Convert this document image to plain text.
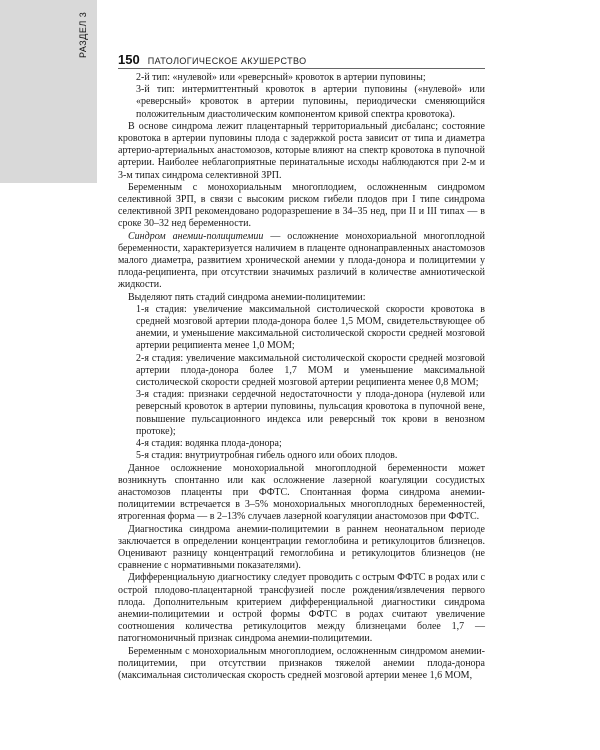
РАЗДЕЛ 3
150 ПАТОЛОГИЧЕСКОЕ АКУШЕРСТВО

2-й тип: «нулевой» или «реверсный» кровоток в артерии пуповины;

3-й тип: интермиттентный кровоток в артерии пуповины («нулевой» или «реверсный» кровоток в артерии пуповины, периодически сменяющийся положительным диастолическим компонентом кривой спектра кровотока).

В основе синдрома лежит плацентарный территориальный дисбаланс; состояние кровотока в артерии пуповины плода с задержкой роста зависит от типа и диаметра артерио-артериальных анастомозов, которые влияют на спектр кровотока в пупочной артерии. Наиболее неблагоприятные перинатальные исходы наблюдаются при 2-м и 3-м типах синдрома селективной ЗРП.

Беременным с монохориальным многоплодием, осложненным синдромом селективной ЗРП, в связи с высоким риском гибели плодов при I типе синдрома селективной ЗРП рекомендовано родоразрешение в 34–35 нед, при II и III типах — в сроке 30–32 нед беременности.

Синдром анемии-полицитемии — осложнение монохориальной многоплодной беременности, характеризуется наличием в плаценте однонаправленных анастомозов малого диаметра, развитием хронической анемии у плода-донора и полицитемии у плода-реципиента, при отсутствии значимых различий в количестве амниотической жидкости.

Выделяют пять стадий синдрома анемии-полицитемии:

1-я стадия: увеличение максимальной систолической скорости кровотока в средней мозговой артерии плода-донора более 1,5 МОМ, свидетельствующее об анемии, и уменьшение максимальной систолической скорости средней мозговой артерии реципиента менее 1,0 МОМ;

2-я стадия: увеличение максимальной систолической скорости средней мозговой артерии плода-донора более 1,7 МОМ и уменьшение максимальной систолической скорости средней мозговой артерии реципиента менее 0,8 МОМ;

3-я стадия: признаки сердечной недостаточности у плода-донора (нулевой или реверсный кровоток в артерии пуповины, пульсация кровотока в пупочной вене, повышение пульсационного индекса или реверсный ток крови в венозном протоке);

4-я стадия: водянка плода-донора;

5-я стадия: внутриутробная гибель одного или обоих плодов.

Данное осложнение монохориальной многоплодной беременности может возникнуть спонтанно или как осложнение лазерной коагуляции сосудистых анастомозов плаценты при ФФТС. Спонтанная форма синдрома анемии-полицитемии встречается в 3–5% монохориальных многоплодных беременностей, ятрогенная форма — в 2–13% случаев лазерной коагуляции анастомозов при ФФТС.

Диагностика синдрома анемии-полицитемии в раннем неонатальном периоде заключается в определении концентрации гемоглобина и ретикулоцитов близнецов. Оценивают разницу концентраций гемоглобина и ретикулоцитов близнецов (не сравнение с нормативными показателями).

Дифференциальную диагностику следует проводить с острым ФФТС в родах или с острой плодово-плацентарной трансфузией после рождения/извлечения первого плода. Дополнительным критерием дифференциальной диагностики синдрома анемии-полицитемии и острой формы ФФТС в родах считают увеличение соотношения количества ретикулоцитов между близнецами более 1,7 — патогномоничный признак синдрома анемии-полицитемии.

Беременным с монохориальным многоплодием, осложненным синдромом анемии-полицитемии, при отсутствии признаков тяжелой анемии плода-донора (максимальная систолическая скорость средней мозговой артерии менее 1,6 МОМ,
